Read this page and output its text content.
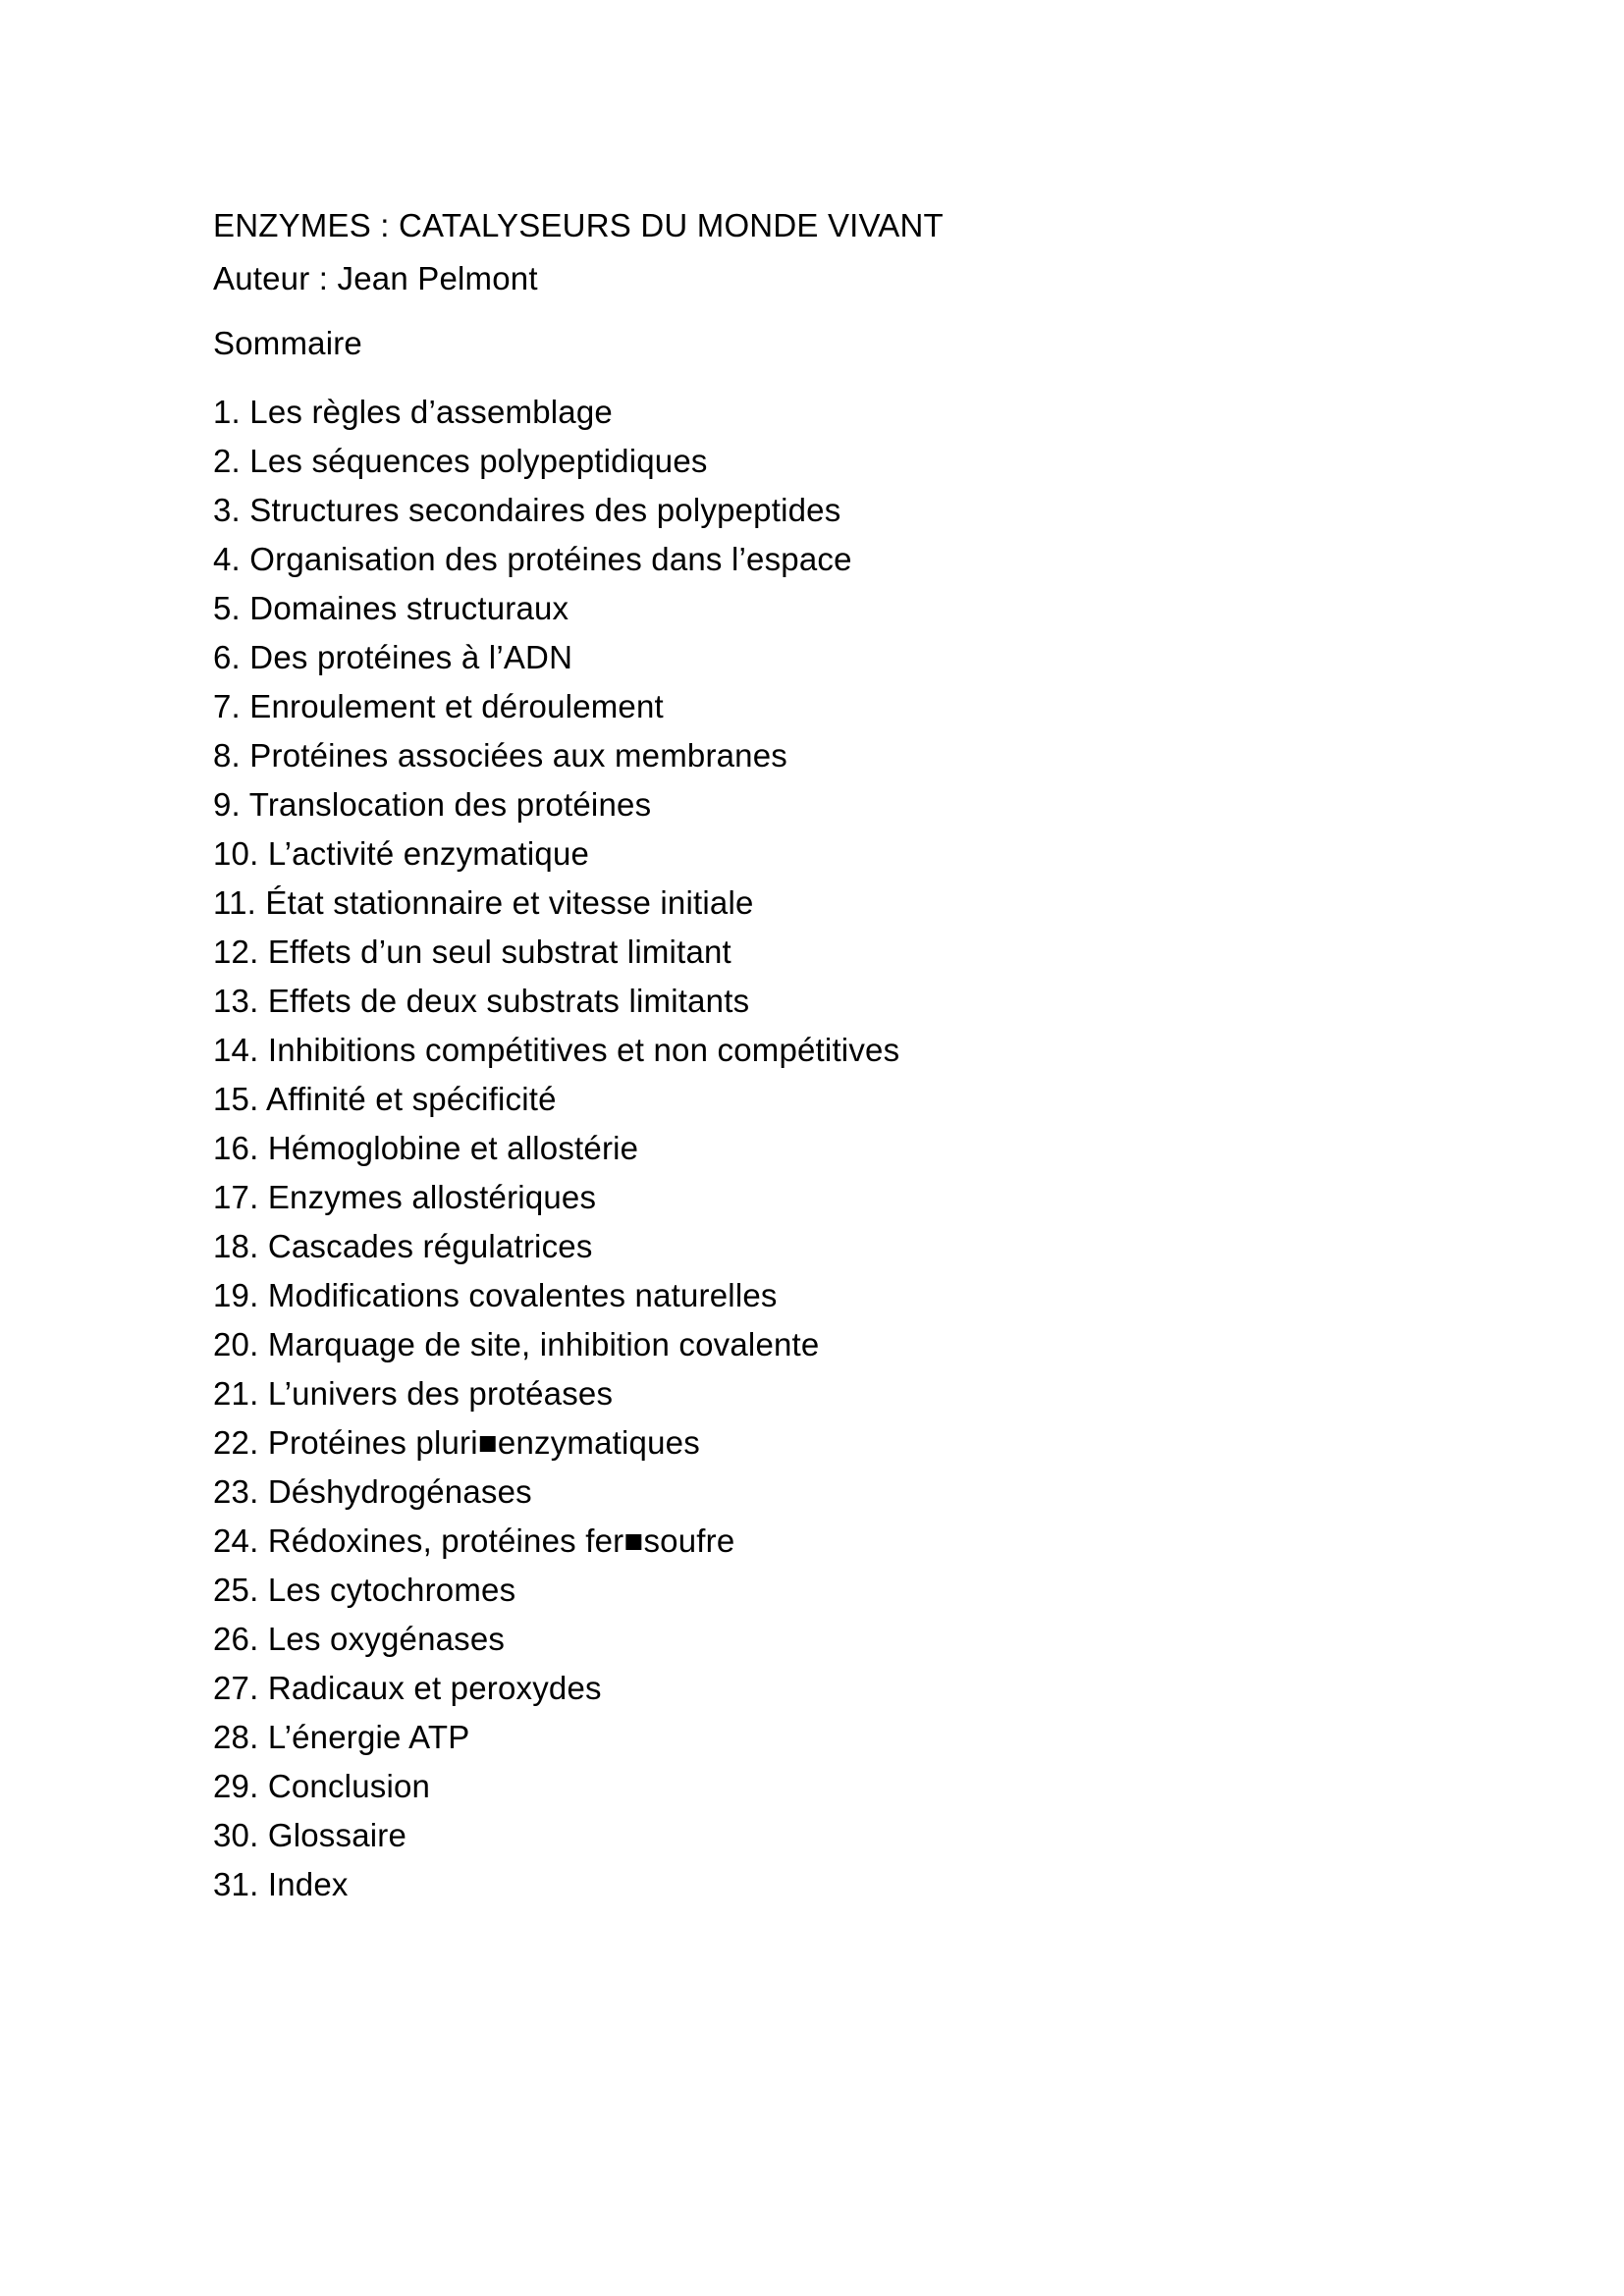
ENZYMES : CATALYSEURS DU MONDE VIVANT

Auteur : Jean Pelmont

Sommaire
1. Les règles d’assemblage
2. Les séquences polypeptidiques
3. Structures secondaires des polypeptides
4. Organisation des protéines dans l’espace
5. Domaines structuraux
6. Des protéines à l’ADN
7. Enroulement et déroulement
8. Protéines associées aux membranes
9. Translocation des protéines
10. L’activité enzymatique
11. État stationnaire et vitesse initiale
12. Effets d’un seul substrat limitant
13. Effets de deux substrats limitants
14. Inhibitions compétitives et non compétitives
15. Affinité et spécificité
16. Hémoglobine et allostérie
17. Enzymes allostériques
18. Cascades régulatrices
19. Modifications covalentes naturelles
20. Marquage de site, inhibition covalente
21. L’univers des protéases
22. Protéines pluri■enzymatiques
23. Déshydrogénases
24. Rédoxines, protéines fer■soufre
25. Les cytochromes
26. Les oxygénases
27. Radicaux et peroxydes
28. L’énergie ATP
29. Conclusion
30. Glossaire
31. Index
